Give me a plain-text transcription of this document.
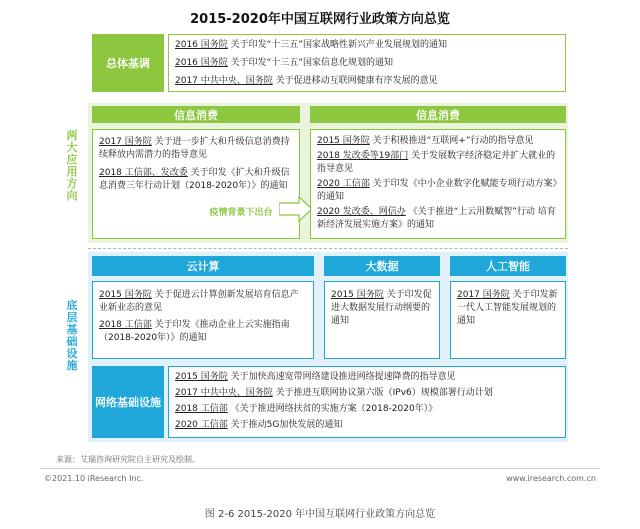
2015-2020年中国互联网行业政策方向总览
总体基调
2016 国务院 关于印发“十三五”国家战略性新兴产业发展规划的通知
2016 国务院 关于印发“十三五”国家信息化规划的通知
2017 中共中央、国务院 关于促进移动互联网健康有序发展的意见
两大应用方向
信息消费
2017 国务院 关于进一步扩大和升级信息消费持续释放内需潜力的指导意见
2018 工信部、发改委 关于印发《扩大和升级信息消费三年行动计划（2018-2020年）》的通知
疫情背景下出台
信息消费
2015 国务院 关于积极推进“互联网+”行动的指导意见
2018 发改委等19部门 关于发展数字经济稳定并扩大就业的指导意见
2020 工信部 关于印发《中小企业数字化赋能专项行动方案》的通知
2020 发改委、网信办 《关于推进“上云用数赋智”行动 培育新经济发展实施方案》的通知
底层基础设施
云计算
2015 国务院 关于促进云计算创新发展培育信息产业新业态的意见
2018 工信部 关于印发《推动企业上云实施指南（2018-2020年）》的通知
大数据
2015 国务院 关于印发促进大数据发展行动纲要的通知
人工智能
2017 国务院 关于印发新一代人工智能发展规划的通知
网络基础设施
2015 国务院 关于加快高速宽带网络建设推进网络提速降费的指导意见
2017 中共中央、国务院 关于推进互联网协议第六版（IPv6）规模部署行动计划
2018 工信部 《关于推进网络扶贫的实施方案（2018-2020年）》
2020 工信部 关于推动5G加快发展的通知
来源：艾瑞咨询研究院自主研究及绘制。
©2021.10 iResearch Inc.	www.iresearch.com.cn
图 2-6 2015-2020 年中国互联网行业政策方向总览
